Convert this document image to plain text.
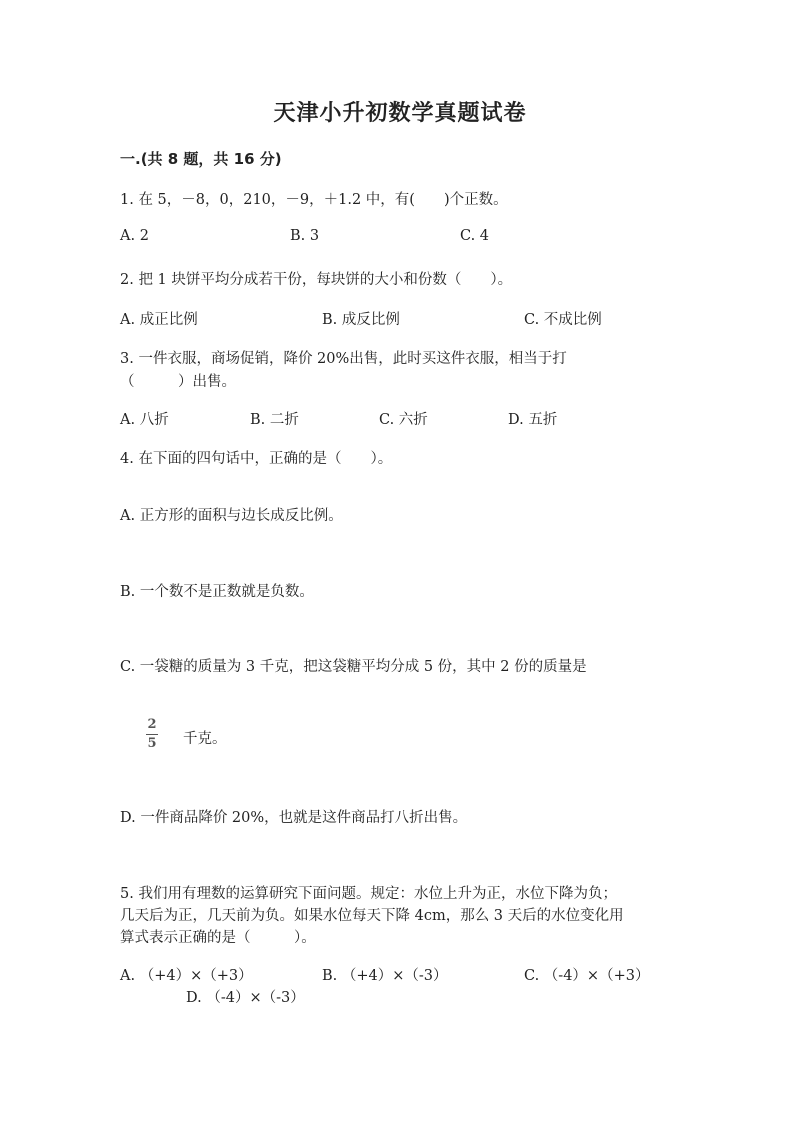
天津小升初数学真题试卷
一.(共 8 题，共 16 分)
1. 在 5，－8，0，210，－9，＋1.2 中，有(　　)个正数。
A. 2	B. 3	C. 4
2. 把 1 块饼平均分成若干份，每块饼的大小和份数（　　）。
A. 成正比例	B. 成反比例	C. 不成比例
3. 一件衣服，商场促销，降价 20%出售，此时买这件衣服，相当于打
（　　　）出售。
A. 八折	B. 二折	C. 六折	D. 五折
4. 在下面的四句话中，正确的是（　　）。
A. 正方形的面积与边长成反比例。
B. 一个数不是正数就是负数。
C. 一袋糖的质量为 3 千克，把这袋糖平均分成 5 份，其中 2 份的质量是
2
5 千克。
D. 一件商品降价 20%，也就是这件商品打八折出售。
5. 我们用有理数的运算研究下面问题。规定：水位上升为正，水位下降为负；
几天后为正，几天前为负。如果水位每天下降 4cm，那么 3 天后的水位变化用
算式表示正确的是（　　　）。
A. （+4）×（+3）	B. （+4）×（-3）	C. （-4）×（+3）
D. （-4）×（-3）
